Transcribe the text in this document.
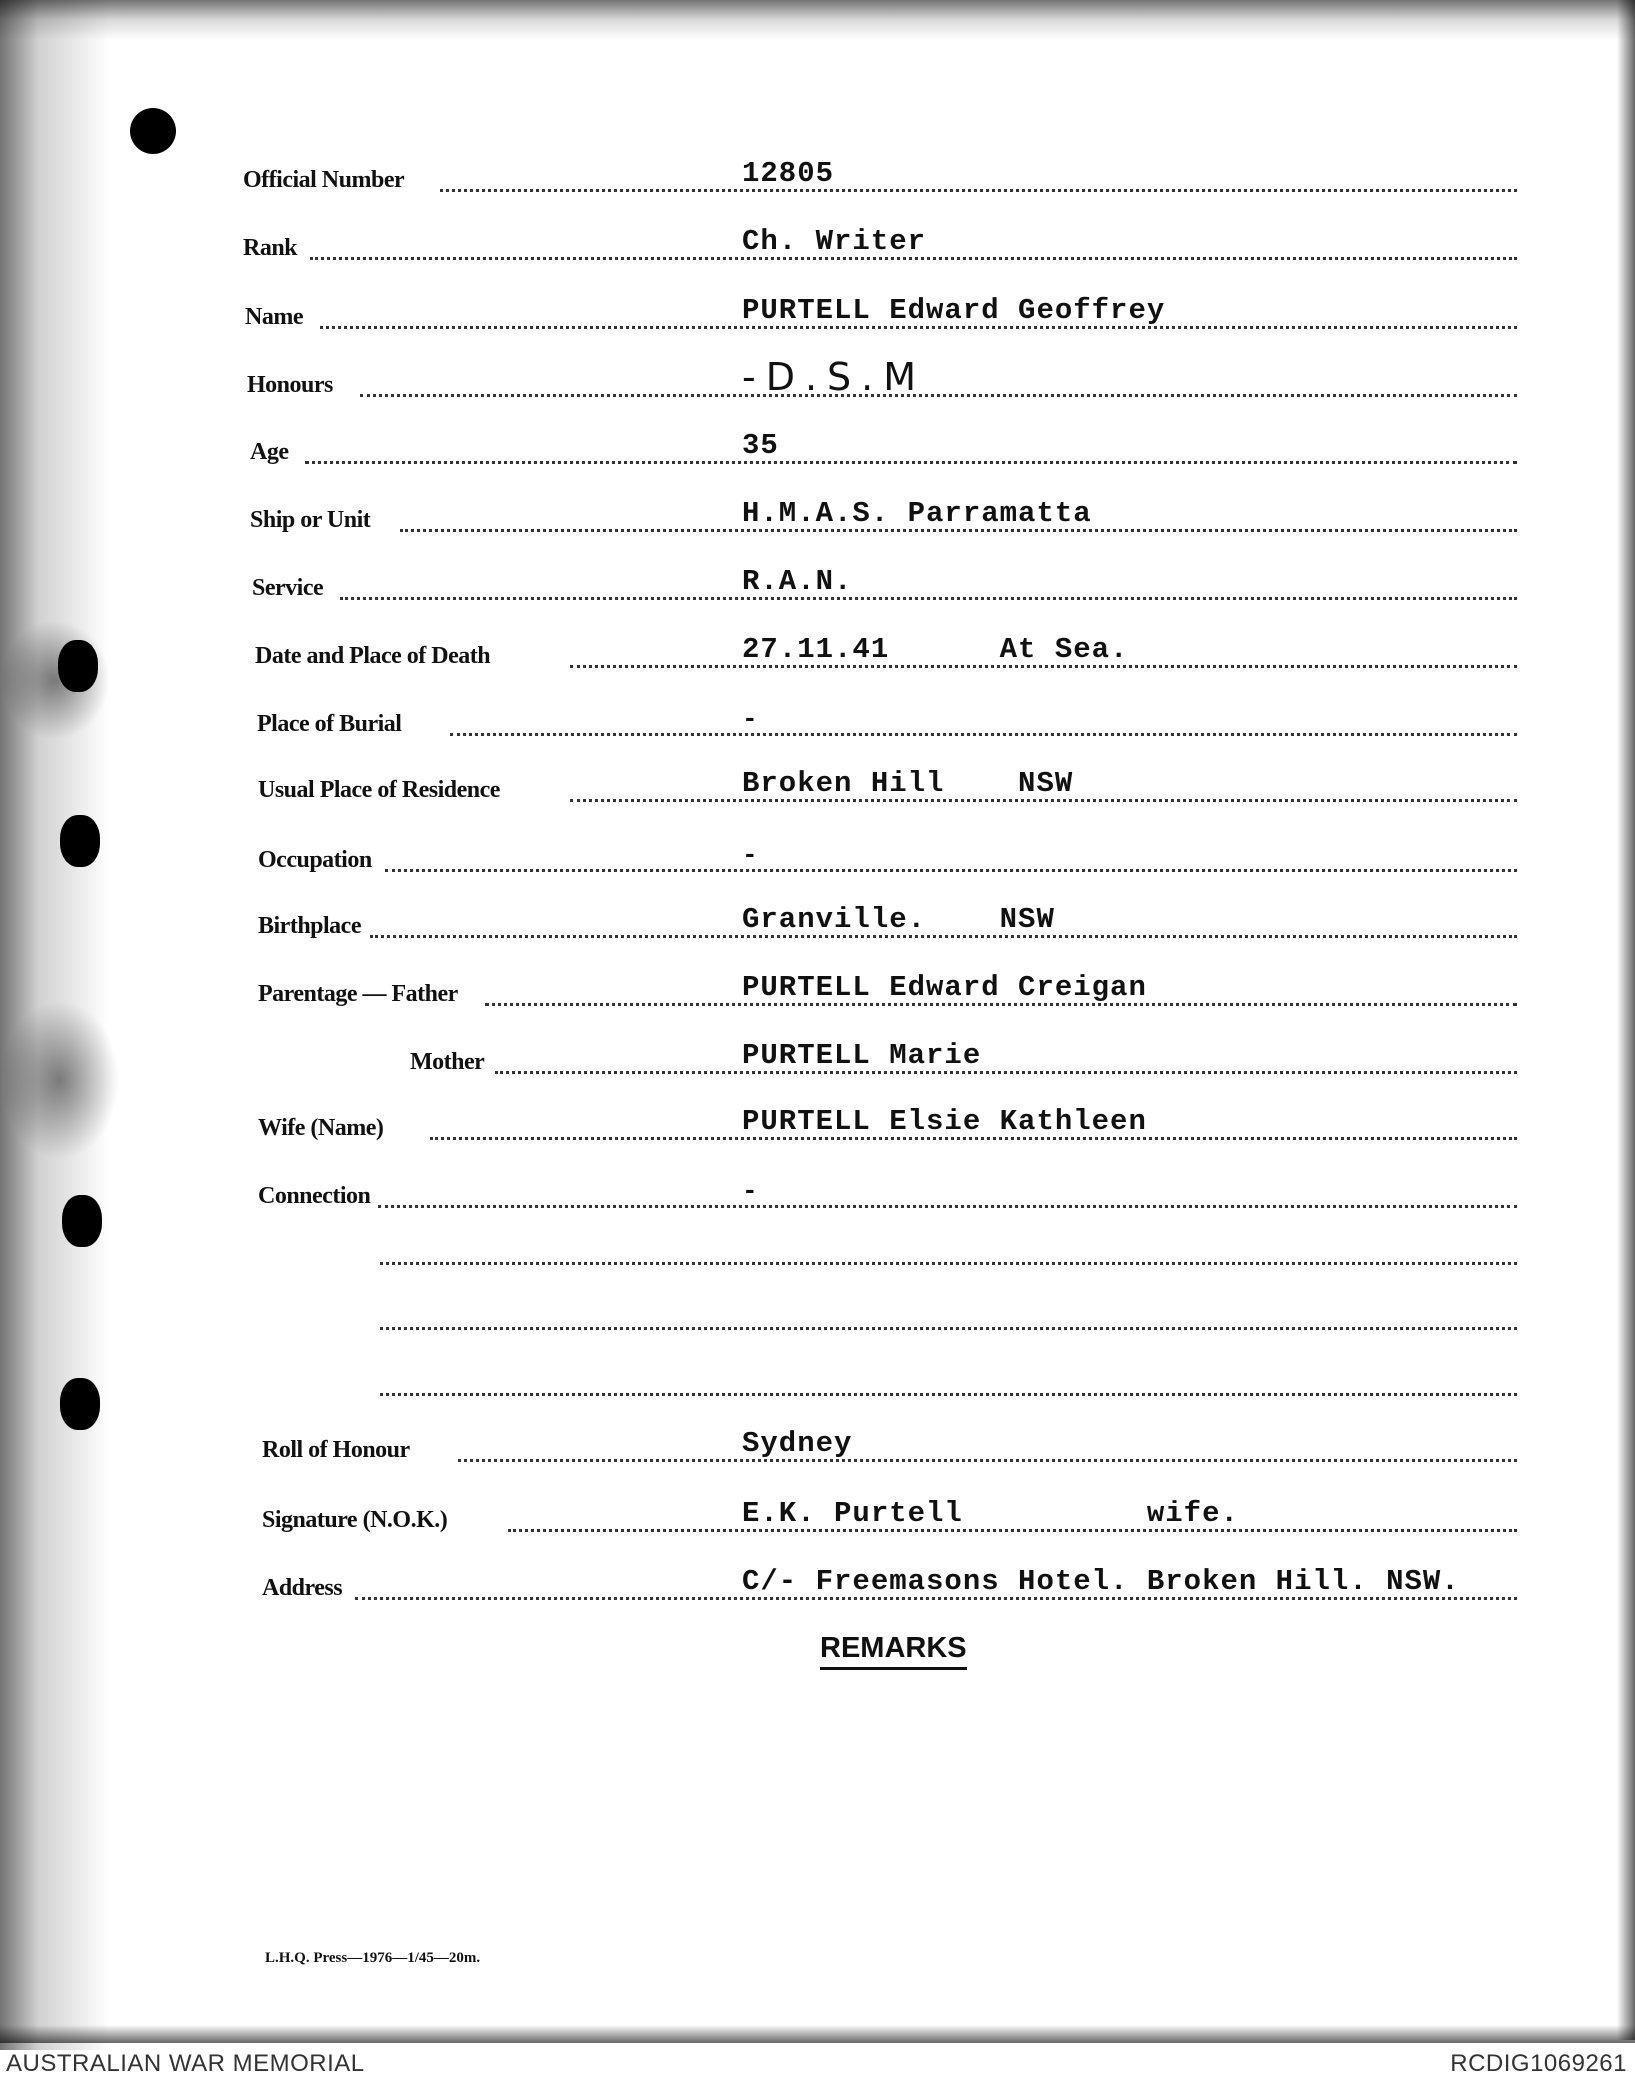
Official Number	12805
Rank	Ch. Writer
Name	PURTELL Edward Geoffrey
Honours	-D.S.M
Age	35
Ship or Unit	H.M.A.S. Parramatta
Service	R.A.N.
Date and Place of Death	27.11.41      At Sea.
Place of Burial	-
Usual Place of Residence	Broken Hill    NSW
Occupation	-
Birthplace	Granville.    NSW
Parentage — Father	PURTELL Edward Creigan
Mother	PURTELL Marie
Wife (Name)	PURTELL Elsie Kathleen
Connection	-
Roll of Honour	Sydney
Signature (N.O.K.)	E.K. Purtell          wife.
Address	C/- Freemasons Hotel. Broken Hill. NSW.
REMARKS
L.H.Q. Press—1976—1/45—20m.
AUSTRALIAN WAR MEMORIAL	RCDIG1069261
